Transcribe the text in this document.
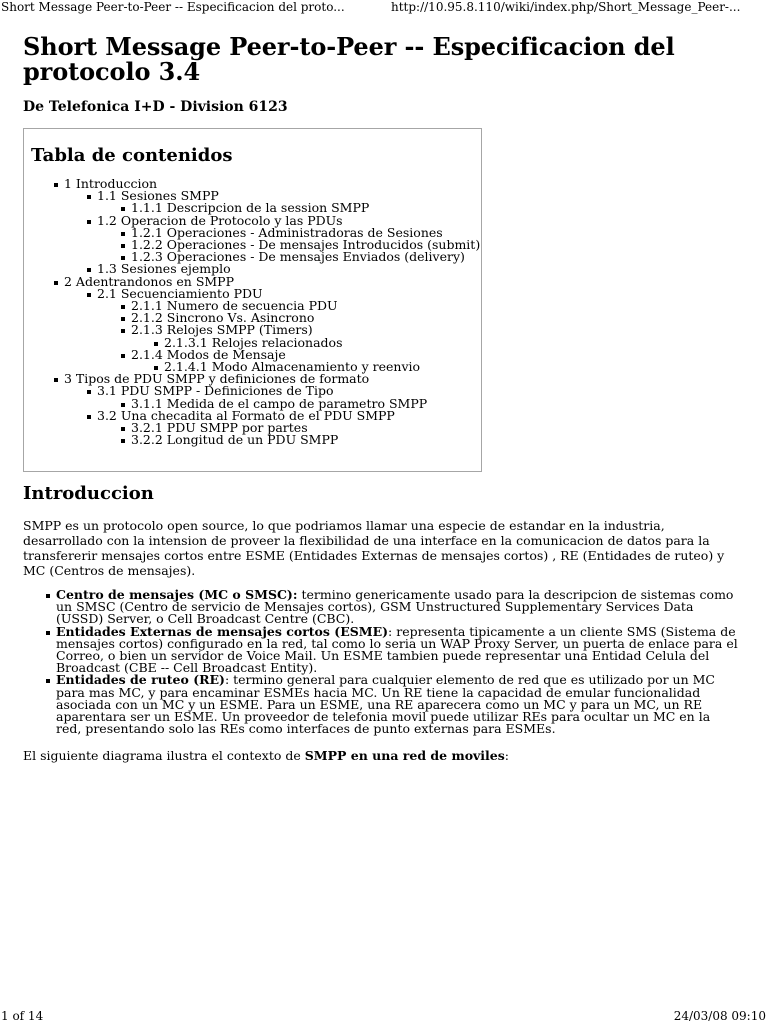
Short Message Peer-to-Peer -- Especificacion del proto...	http://10.95.8.110/wiki/index.php/Short_Message_Peer-...
Short Message Peer-to-Peer -- Especificacion del protocolo 3.4
De Telefonica I+D - Division 6123
Tabla de contenidos
1 Introduccion
1.1 Sesiones SMPP
1.1.1 Descripcion de la session SMPP
1.2 Operacion de Protocolo y las PDUs
1.2.1 Operaciones - Administradoras de Sesiones
1.2.2 Operaciones - De mensajes Introducidos (submit)
1.2.3 Operaciones - De mensajes Enviados (delivery)
1.3 Sesiones ejemplo
2 Adentrandonos en SMPP
2.1 Secuenciamiento PDU
2.1.1 Numero de secuencia PDU
2.1.2 Sincrono Vs. Asincrono
2.1.3 Relojes SMPP (Timers)
2.1.3.1 Relojes relacionados
2.1.4 Modos de Mensaje
2.1.4.1 Modo Almacenamiento y reenvio
3 Tipos de PDU SMPP y definiciones de formato
3.1 PDU SMPP - Definiciones de Tipo
3.1.1 Medida de el campo de parametro SMPP
3.2 Una checadita al Formato de el PDU SMPP
3.2.1 PDU SMPP por partes
3.2.2 Longitud de un PDU SMPP
Introduccion

SMPP es un protocolo open source, lo que podriamos llamar una especie de estandar en la industria, desarrollado con la intension de proveer la flexibilidad de una interface en la comunicacion de datos para la transfererir mensajes cortos entre ESME (Entidades Externas de mensajes cortos) , RE (Entidades de ruteo) y MC (Centros de mensajes).

Centro de mensajes (MC o SMSC): termino genericamente usado para la descripcion de sistemas como un SMSC (Centro de servicio de Mensajes cortos), GSM Unstructured Supplementary Services Data (USSD) Server, o Cell Broadcast Centre (CBC).
Entidades Externas de mensajes cortos (ESME): representa tipicamente a un cliente SMS (Sistema de mensajes cortos) configurado en la red, tal como lo seria un WAP Proxy Server, un puerta de enlace para el Correo, o bien un servidor de Voice Mail. Un ESME tambien puede representar una Entidad Celula del Broadcast (CBE -- Cell Broadcast Entity).
Entidades de ruteo (RE): termino general para cualquier elemento de red que es utilizado por un MC para mas MC, y para encaminar ESMEs hacia MC. Un RE tiene la capacidad de emular funcionalidad asociada con un MC y un ESME. Para un ESME, una RE aparecera como un MC y para un MC, un RE aparentara ser un ESME. Un proveedor de telefonia movil puede utilizar REs para ocultar un MC en la red, presentando solo las REs como interfaces de punto externas para ESMEs.

El siguiente diagrama ilustra el contexto de SMPP en una red de moviles:

1 of 14	24/03/08 09:10
